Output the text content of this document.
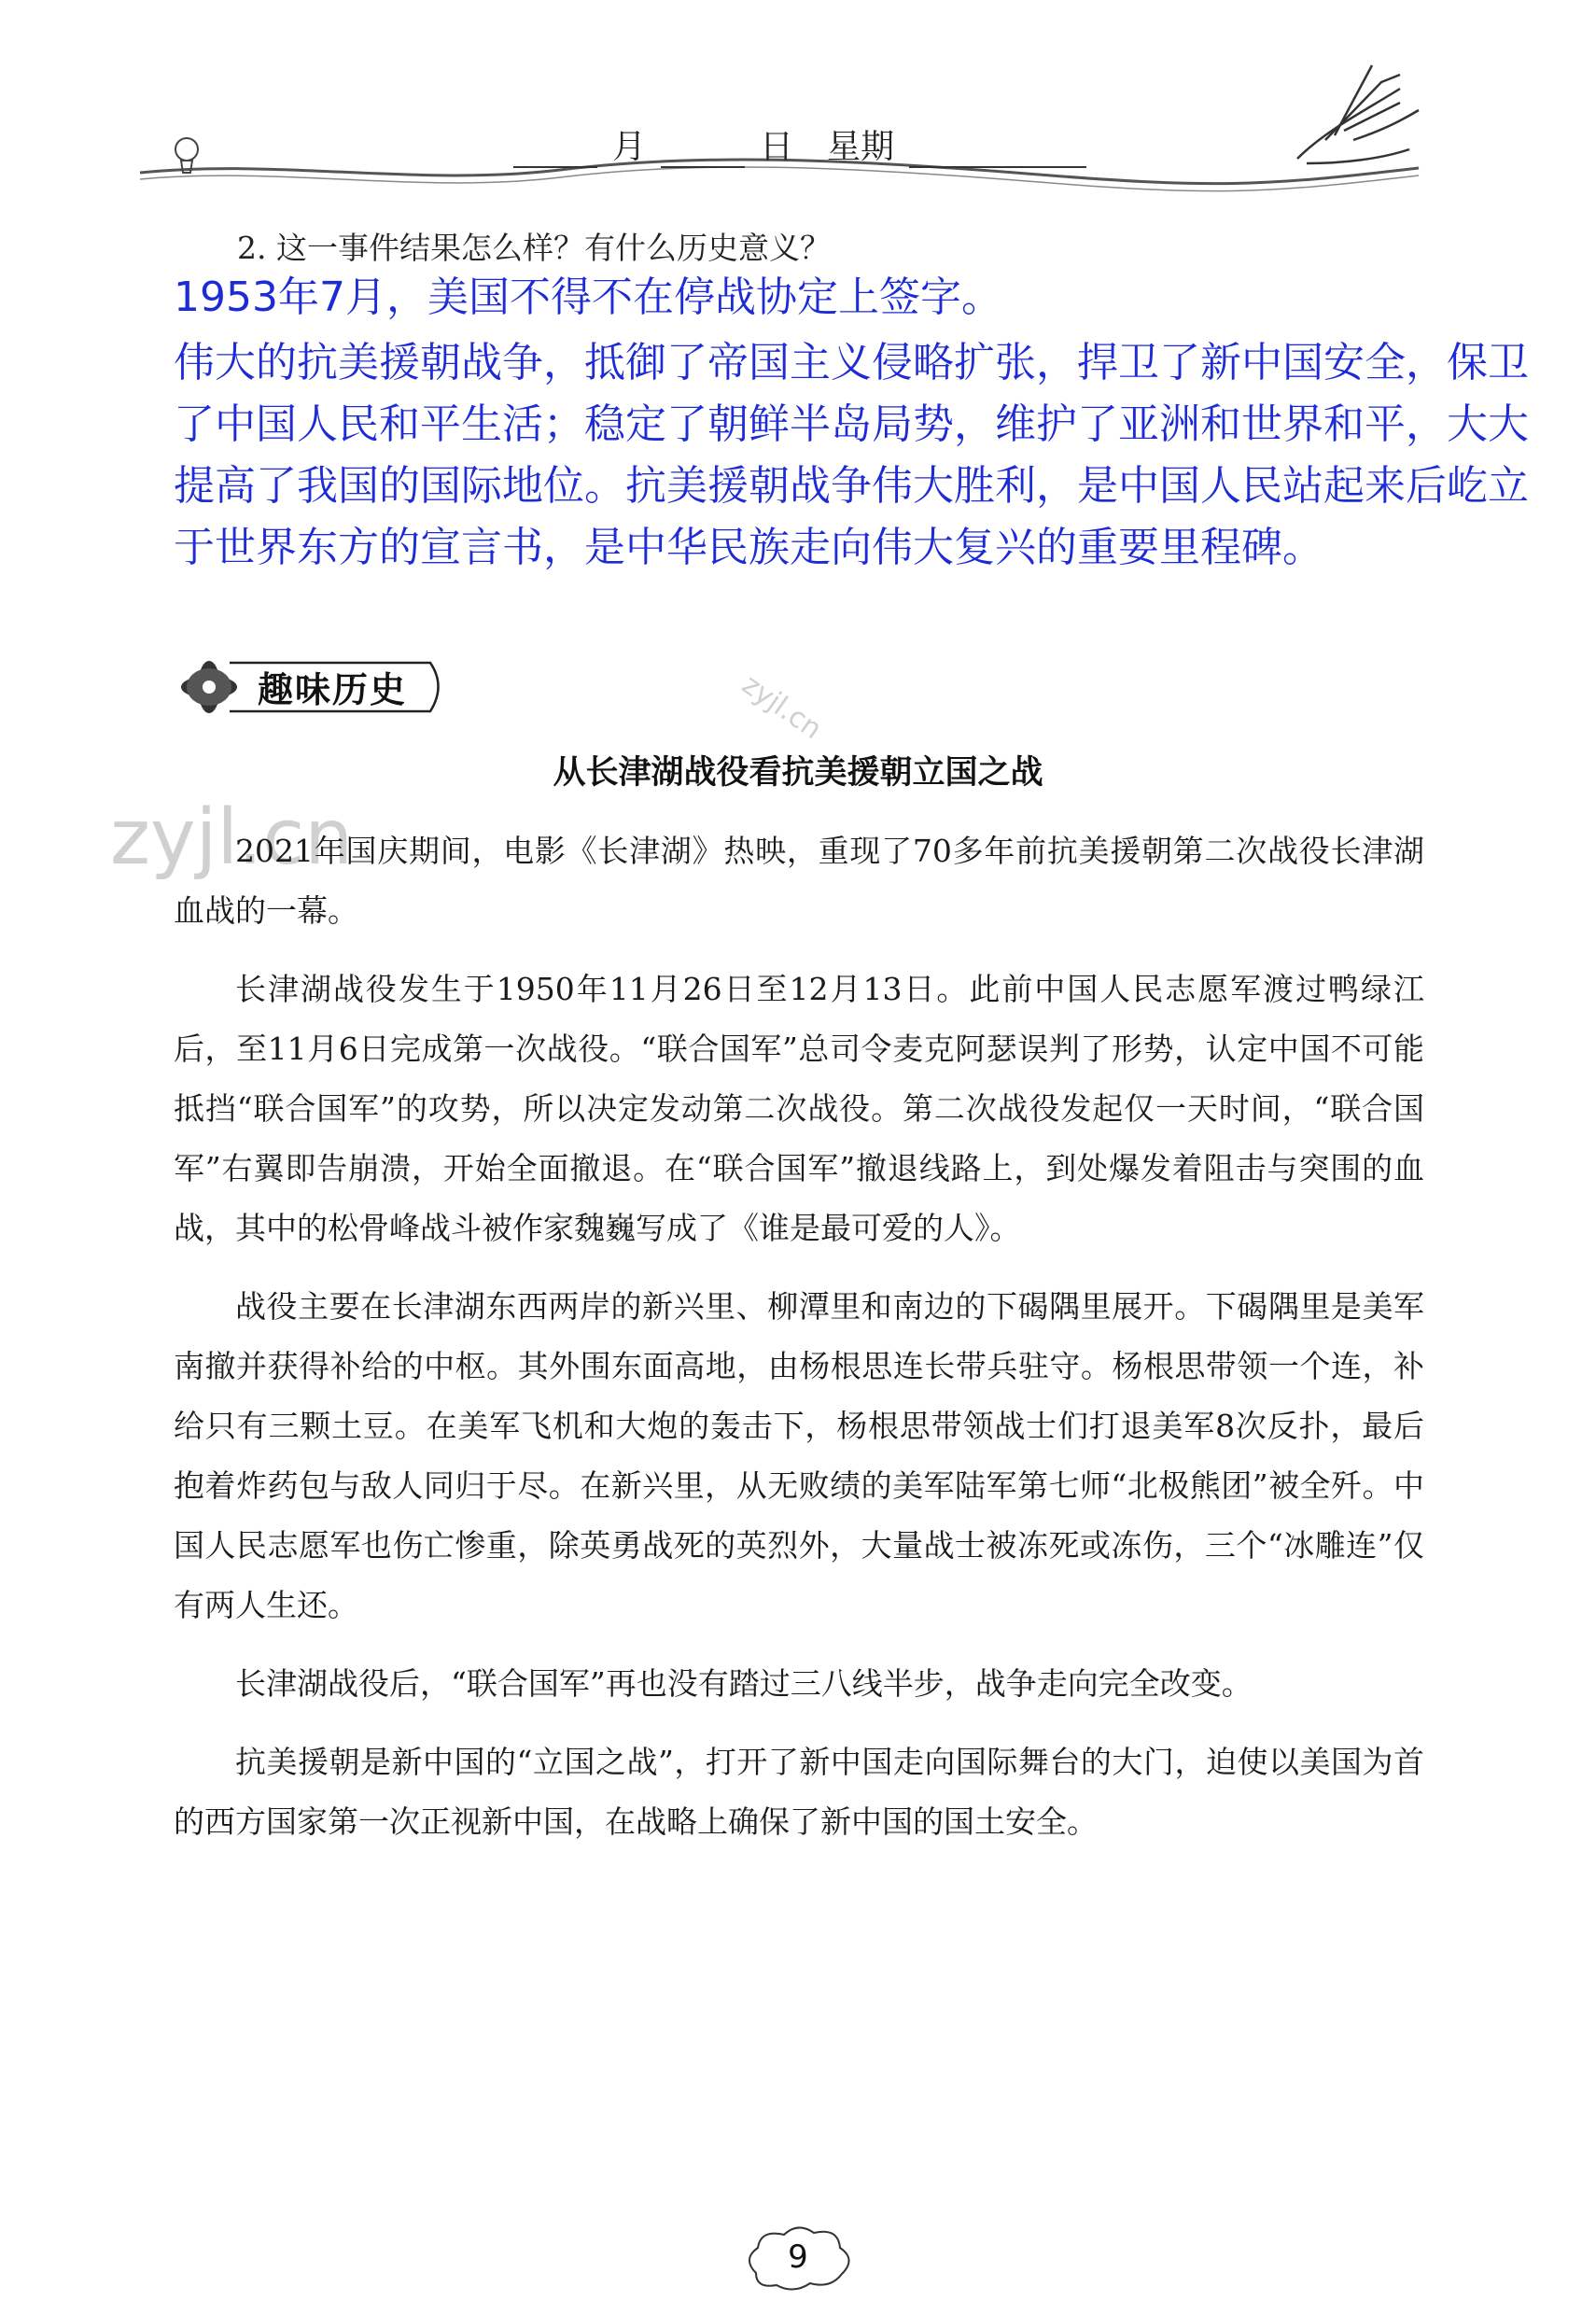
月	日 星期
2. 这一事件结果怎么样？有什么历史意义？
1953年7月，美国不得不在停战协定上签字。
伟大的抗美援朝战争，抵御了帝国主义侵略扩张，捍卫了新中国安全，保卫了中国人民和平生活；稳定了朝鲜半岛局势，维护了亚洲和世界和平，大大提高了我国的国际地位。抗美援朝战争伟大胜利，是中国人民站起来后屹立于世界东方的宣言书，是中华民族走向伟大复兴的重要里程碑。
趣味历史	zyjl.cn
zyjl.cn
从长津湖战役看抗美援朝立国之战

2021年国庆期间，电影《长津湖》热映，重现了70多年前抗美援朝第二次战役长津湖血战的一幕。

长津湖战役发生于1950年11月26日至12月13日。此前中国人民志愿军渡过鸭绿江后，至11月6日完成第一次战役。“联合国军”总司令麦克阿瑟误判了形势，认定中国不可能抵挡“联合国军”的攻势，所以决定发动第二次战役。第二次战役发起仅一天时间，“联合国军”右翼即告崩溃，开始全面撤退。在“联合国军”撤退线路上，到处爆发着阻击与突围的血战，其中的松骨峰战斗被作家魏巍写成了《谁是最可爱的人》。

战役主要在长津湖东西两岸的新兴里、柳潭里和南边的下碣隅里展开。下碣隅里是美军南撤并获得补给的中枢。其外围东面高地，由杨根思连长带兵驻守。杨根思带领一个连，补给只有三颗土豆。在美军飞机和大炮的轰击下，杨根思带领战士们打退美军8次反扑，最后抱着炸药包与敌人同归于尽。在新兴里，从无败绩的美军陆军第七师“北极熊团”被全歼。中国人民志愿军也伤亡惨重，除英勇战死的英烈外，大量战士被冻死或冻伤，三个“冰雕连”仅有两人生还。

长津湖战役后，“联合国军”再也没有踏过三八线半步，战争走向完全改变。

抗美援朝是新中国的“立国之战”，打开了新中国走向国际舞台的大门，迫使以美国为首的西方国家第一次正视新中国，在战略上确保了新中国的国土安全。

9
